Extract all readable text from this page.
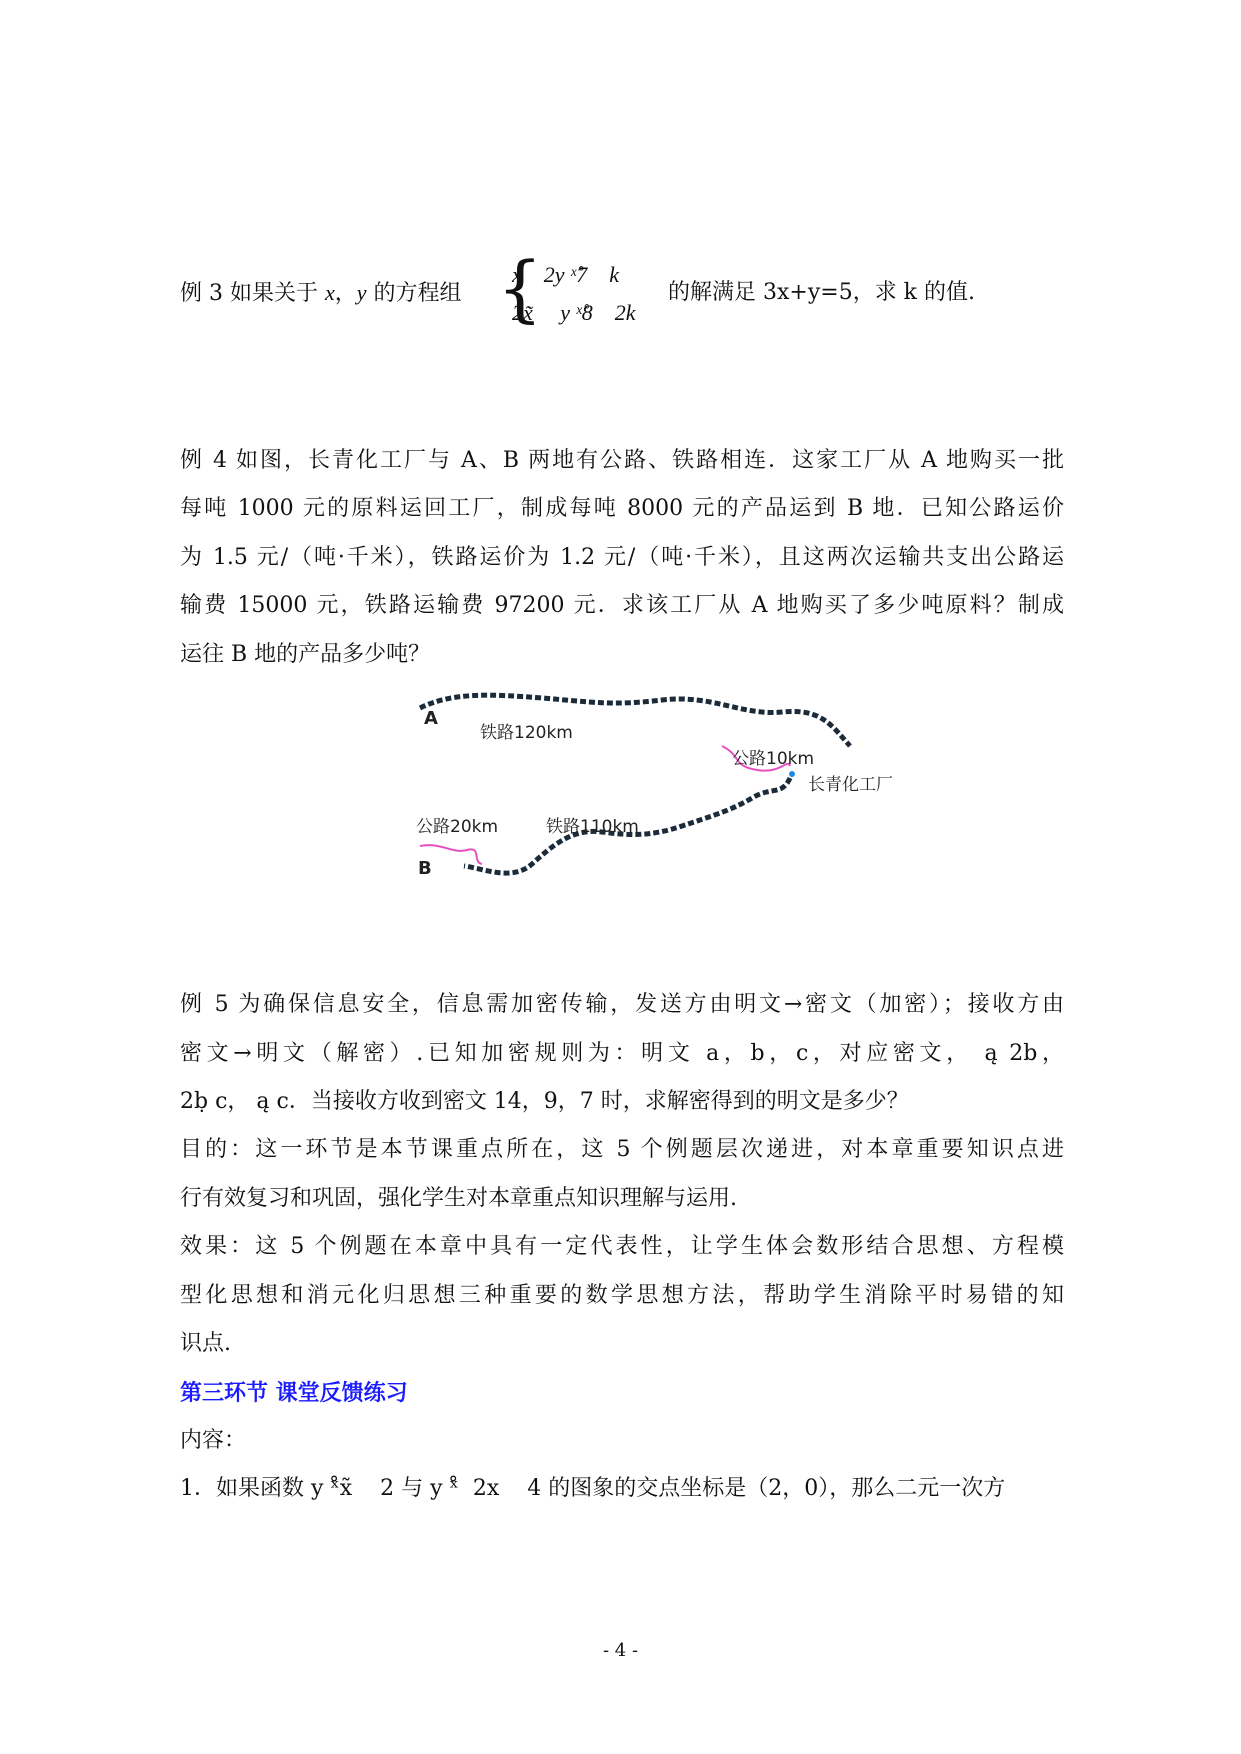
例 3 如果关于 x，y 的方程组 {
x    2y ˣ̊7    k
2x̃     y ˣ̊8    2k
的解满足 3x+y=5，求 k 的值.
例 4 如图，长青化工厂与 A、B 两地有公路、铁路相连．这家工厂从 A 地购买一批
每吨 1000 元的原料运回工厂，制成每吨 8000 元的产品运到 B 地．已知公路运价
为 1.5 元/（吨·千米），铁路运价为 1.2 元/（吨·千米），且这两次运输共支出公路运
输费 15000 元，铁路运输费 97200 元．求该工厂从 A 地购买了多少吨原料？制成
运往 B 地的产品多少吨？
A
铁路120km
公路10km
长青化工厂
公路20km	铁路110km
B
例 5 为确保信息安全，信息需加密传输，发送方由明文→密文（加密）；接收方由
密文→明文（解密）.已知加密规则为：明文 a，b，c，对应密文， ą 2b，
2ḅ c， ą c．当接收方收到密文 14，9，7 时，求解密得到的明文是多少？
目的：这一环节是本节课重点所在，这 5 个例题层次递进，对本章重要知识点进
行有效复习和巩固，强化学生对本章重点知识理解与运用.
效果：这 5 个例题在本章中具有一定代表性，让学生体会数形结合思想、方程模
型化思想和消元化归思想三种重要的数学思想方法，帮助学生消除平时易错的知
识点.
第三环节 课堂反馈练习
内容：
1．如果函数 y ˣ̊x̃    2 与 y ˣ̊  2x    4 的图象的交点坐标是（2，0），那么二元一次方
- 4 -
